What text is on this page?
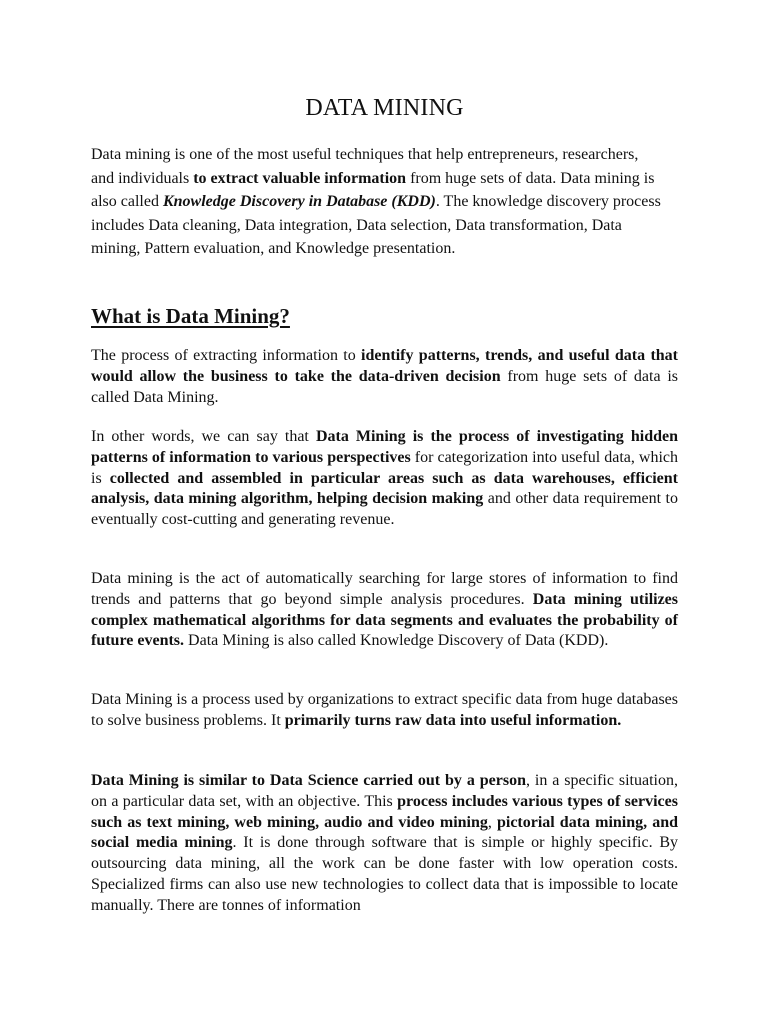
DATA MINING

Data mining is one of the most useful techniques that help entrepreneurs, researchers, and individuals to extract valuable information from huge sets of data. Data mining is also called Knowledge Discovery in Database (KDD). The knowledge discovery process includes Data cleaning, Data integration, Data selection, Data transformation, Data mining, Pattern evaluation, and Knowledge presentation.

What is Data Mining?

The process of extracting information to identify patterns, trends, and useful data that would allow the business to take the data-driven decision from huge sets of data is called Data Mining.

In other words, we can say that Data Mining is the process of investigating hidden patterns of information to various perspectives for categorization into useful data, which is collected and assembled in particular areas such as data warehouses, efficient analysis, data mining algorithm, helping decision making and other data requirement to eventually cost-cutting and generating revenue.

Data mining is the act of automatically searching for large stores of information to find trends and patterns that go beyond simple analysis procedures. Data mining utilizes complex mathematical algorithms for data segments and evaluates the probability of future events. Data Mining is also called Knowledge Discovery of Data (KDD).

Data Mining is a process used by organizations to extract specific data from huge databases to solve business problems. It primarily turns raw data into useful information.

Data Mining is similar to Data Science carried out by a person, in a specific situation, on a particular data set, with an objective. This process includes various types of services such as text mining, web mining, audio and video mining, pictorial data mining, and social media mining. It is done through software that is simple or highly specific. By outsourcing data mining, all the work can be done faster with low operation costs. Specialized firms can also use new technologies to collect data that is impossible to locate manually. There are tonnes of information
